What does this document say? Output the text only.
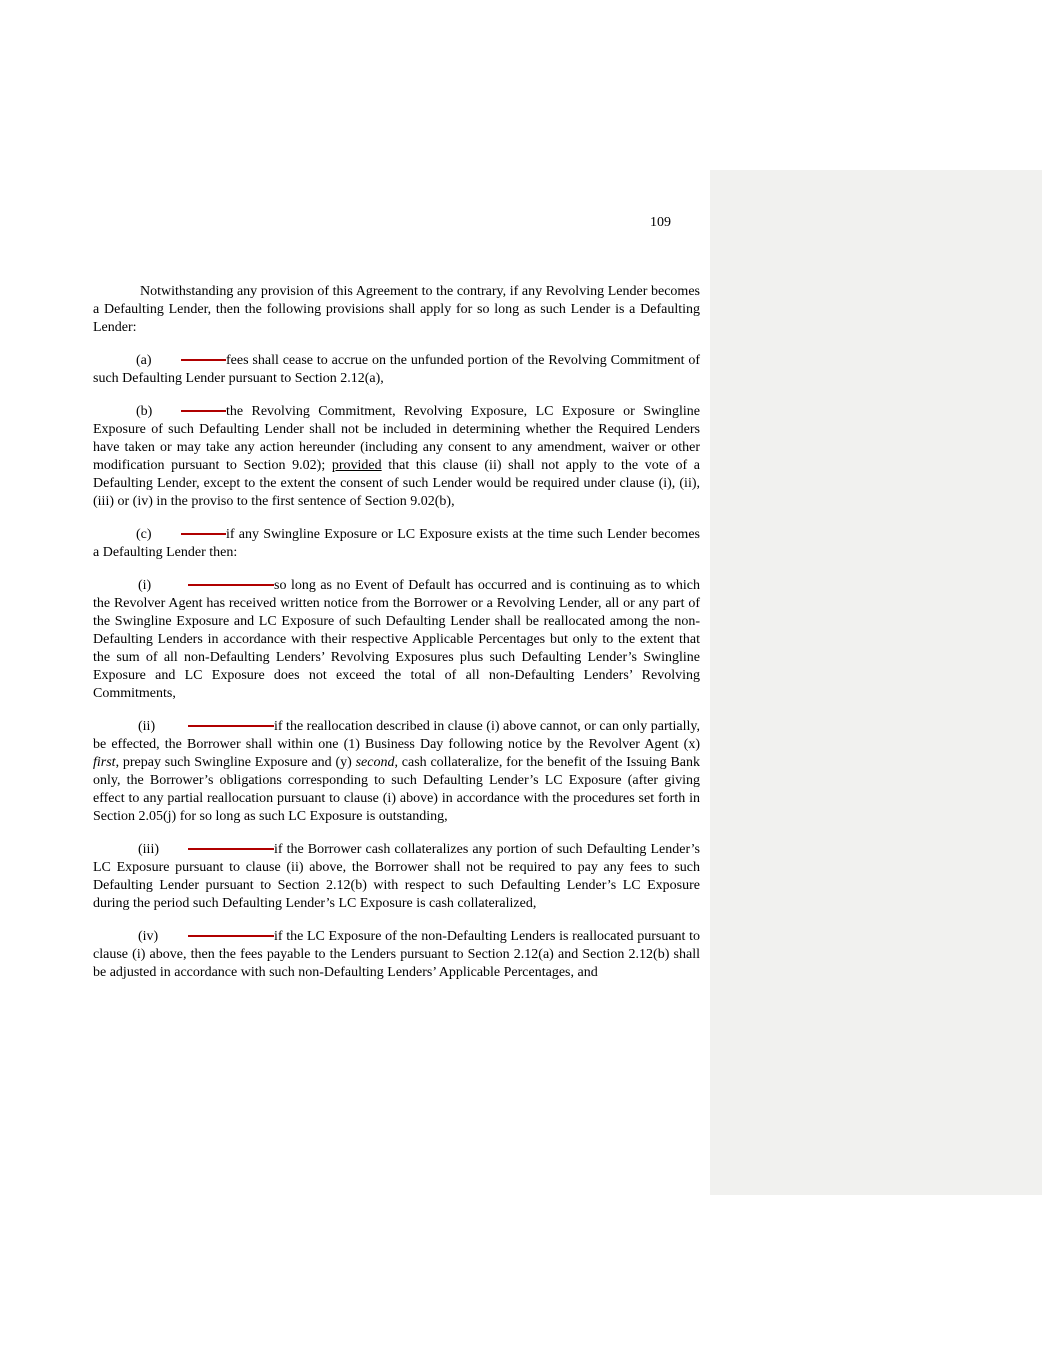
109

Notwithstanding any provision of this Agreement to the contrary, if any Revolving Lender becomes a Defaulting Lender, then the following provisions shall apply for so long as such Lender is a Defaulting Lender:

(a)	fees shall cease to accrue on the unfunded portion of the Revolving Commitment of such Defaulting Lender pursuant to Section 2.12(a),

(b)	the Revolving Commitment, Revolving Exposure, LC Exposure or Swingline Exposure of such Defaulting Lender shall not be included in determining whether the Required Lenders have taken or may take any action hereunder (including any consent to any amendment, waiver or other modification pursuant to Section 9.02); provided that this clause (ii) shall not apply to the vote of a Defaulting Lender, except to the extent the consent of such Lender would be required under clause (i), (ii), (iii) or (iv) in the proviso to the first sentence of Section 9.02(b),

(c)	if any Swingline Exposure or LC Exposure exists at the time such Lender becomes a Defaulting Lender then:

(i)	so long as no Event of Default has occurred and is continuing as to which the Revolver Agent has received written notice from the Borrower or a Revolving Lender, all or any part of the Swingline Exposure and LC Exposure of such Defaulting Lender shall be reallocated among the non-Defaulting Lenders in accordance with their respective Applicable Percentages but only to the extent that the sum of all non-Defaulting Lenders’ Revolving Exposures plus such Defaulting Lender’s Swingline Exposure and LC Exposure does not exceed the total of all non-Defaulting Lenders’ Revolving Commitments,

(ii)	if the reallocation described in clause (i) above cannot, or can only partially, be effected, the Borrower shall within one (1) Business Day following notice by the Revolver Agent (x) first, prepay such Swingline Exposure and (y) second, cash collateralize, for the benefit of the Issuing Bank only, the Borrower’s obligations corresponding to such Defaulting Lender’s LC Exposure (after giving effect to any partial reallocation pursuant to clause (i) above) in accordance with the procedures set forth in Section 2.05(j) for so long as such LC Exposure is outstanding,

(iii)	if the Borrower cash collateralizes any portion of such Defaulting Lender’s LC Exposure pursuant to clause (ii) above, the Borrower shall not be required to pay any fees to such Defaulting Lender pursuant to Section 2.12(b) with respect to such Defaulting Lender’s LC Exposure during the period such Defaulting Lender’s LC Exposure is cash collateralized,

(iv)	if the LC Exposure of the non-Defaulting Lenders is reallocated pursuant to clause (i) above, then the fees payable to the Lenders pursuant to Section 2.12(a) and Section 2.12(b) shall be adjusted in accordance with such non-Defaulting Lenders’ Applicable Percentages, and
